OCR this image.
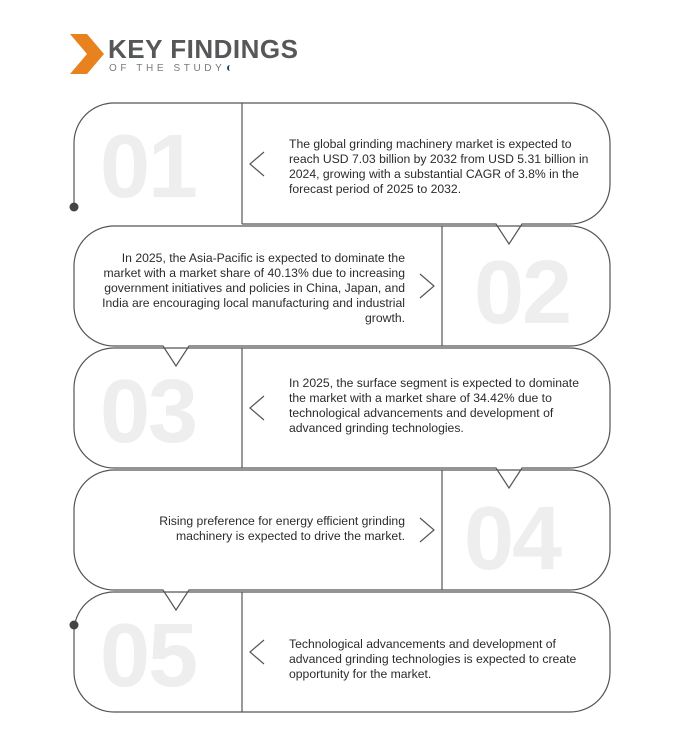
KEY FINDINGS
OF THE STUDY
01
02
03
04
05
The global grinding machinery market is expected to reach USD 7.03 billion by 2032 from USD 5.31 billion in 2024, growing with a substantial CAGR of 3.8% in the forecast period of 2025 to 2032.
In 2025, the Asia-Pacific is expected to dominate the market with a market share of 40.13% due to increasing government initiatives and policies in China, Japan, and India are encouraging local manufacturing and industrial growth.
In 2025, the surface segment is expected to dominate the market with a market share of 34.42% due to technological advancements and development of advanced grinding technologies.
Rising preference for energy efficient grinding machinery is expected to drive the market.
Technological advancements and development of advanced grinding technologies is expected to create opportunity for the market.
